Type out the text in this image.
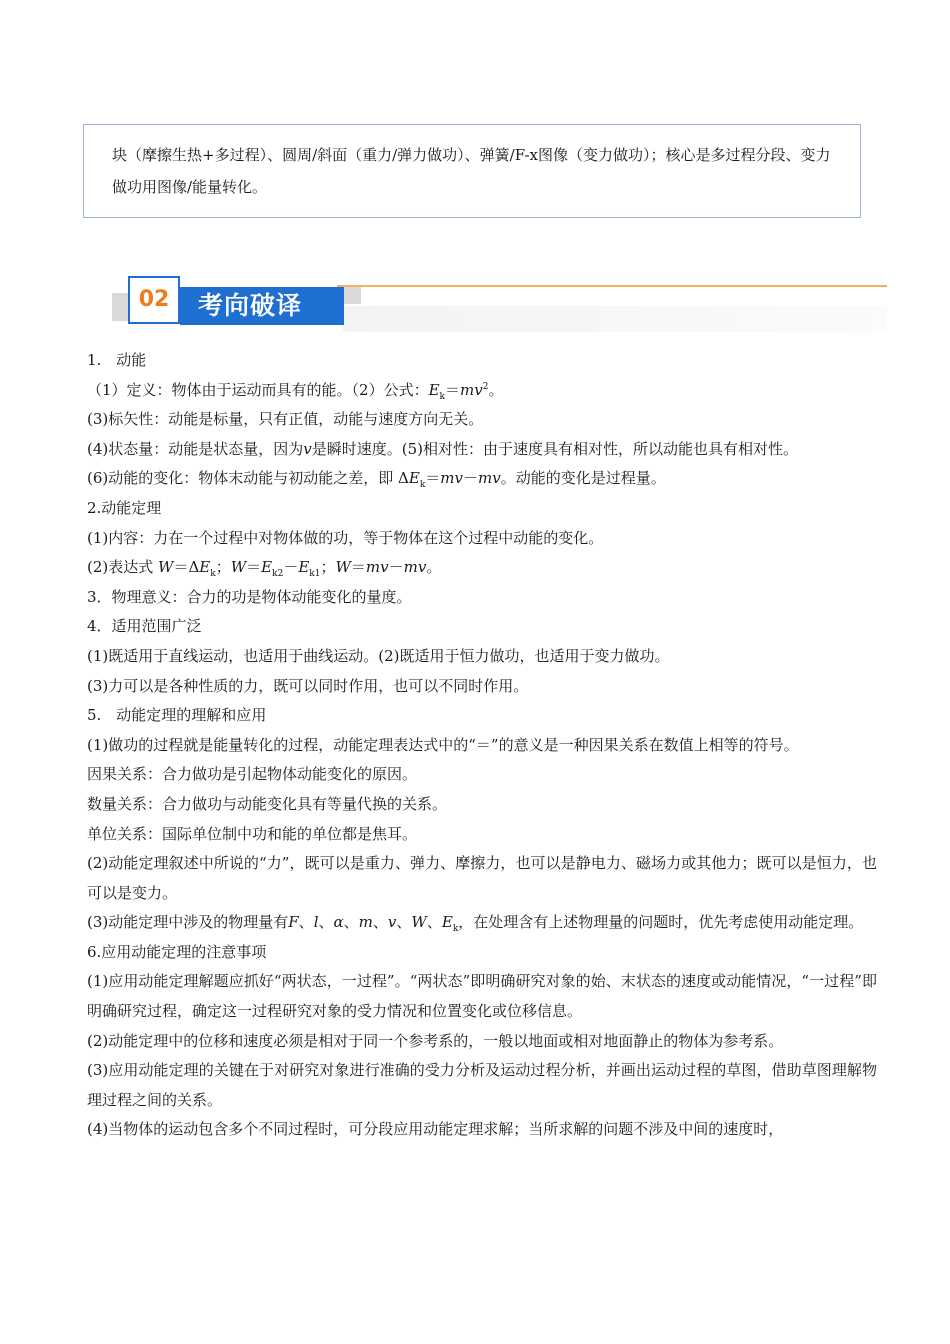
块（摩擦生热+多过程）、圆周/斜面（重力/弹力做功）、弹簧/F-x图像（变力做功）；核心是多过程分段、变力做功用图像/能量转化。
考向破译
02

1.　动能

（1）定义：物体由于运动而具有的能。（2）公式：$E_k=mv^2$。

(3)标矢性：动能是标量，只有正值，动能与速度方向无关。

(4)状态量：动能是状态量，因为v是瞬时速度。(5)相对性：由于速度具有相对性，所以动能也具有相对性。

(6)动能的变化：物体末动能与初动能之差，即 $\Delta E_k=mv-mv$。动能的变化是过程量。

2.动能定理

(1)内容：力在一个过程中对物体做的功，等于物体在这个过程中动能的变化。

(2)表达式 $W=\Delta E_k$；$W=E_{k2}-E_{k1}$；W＝mv－mv。

3．物理意义：合力的功是物体动能变化的量度。

4．适用范围广泛

(1)既适用于直线运动，也适用于曲线运动。(2)既适用于恒力做功，也适用于变力做功。

(3)力可以是各种性质的力，既可以同时作用，也可以不同时作用。

5.　动能定理的理解和应用

(1)做功的过程就是能量转化的过程，动能定理表达式中的“＝”的意义是一种因果关系在数值上相等的符号。

因果关系：合力做功是引起物体动能变化的原因。

数量关系：合力做功与动能变化具有等量代换的关系。

单位关系：国际单位制中功和能的单位都是焦耳。

(2)动能定理叙述中所说的“力”，既可以是重力、弹力、摩擦力，也可以是静电力、磁场力或其他力；既可以是恒力，也可以是变力。

(3)动能定理中涉及的物理量有F、l、α、m、v、W、$E_k$，在处理含有上述物理量的问题时，优先考虑使用动能定理。

6.应用动能定理的注意事项

(1)应用动能定理解题应抓好“两状态，一过程”。“两状态”即明确研究对象的始、末状态的速度或动能情况，“一过程”即明确研究过程，确定这一过程研究对象的受力情况和位置变化或位移信息。

(2)动能定理中的位移和速度必须是相对于同一个参考系的，一般以地面或相对地面静止的物体为参考系。

(3)应用动能定理的关键在于对研究对象进行准确的受力分析及运动过程分析，并画出运动过程的草图，借助草图理解物理过程之间的关系。

(4)当物体的运动包含多个不同过程时，可分段应用动能定理求解；当所求解的问题不涉及中间的速度时，
